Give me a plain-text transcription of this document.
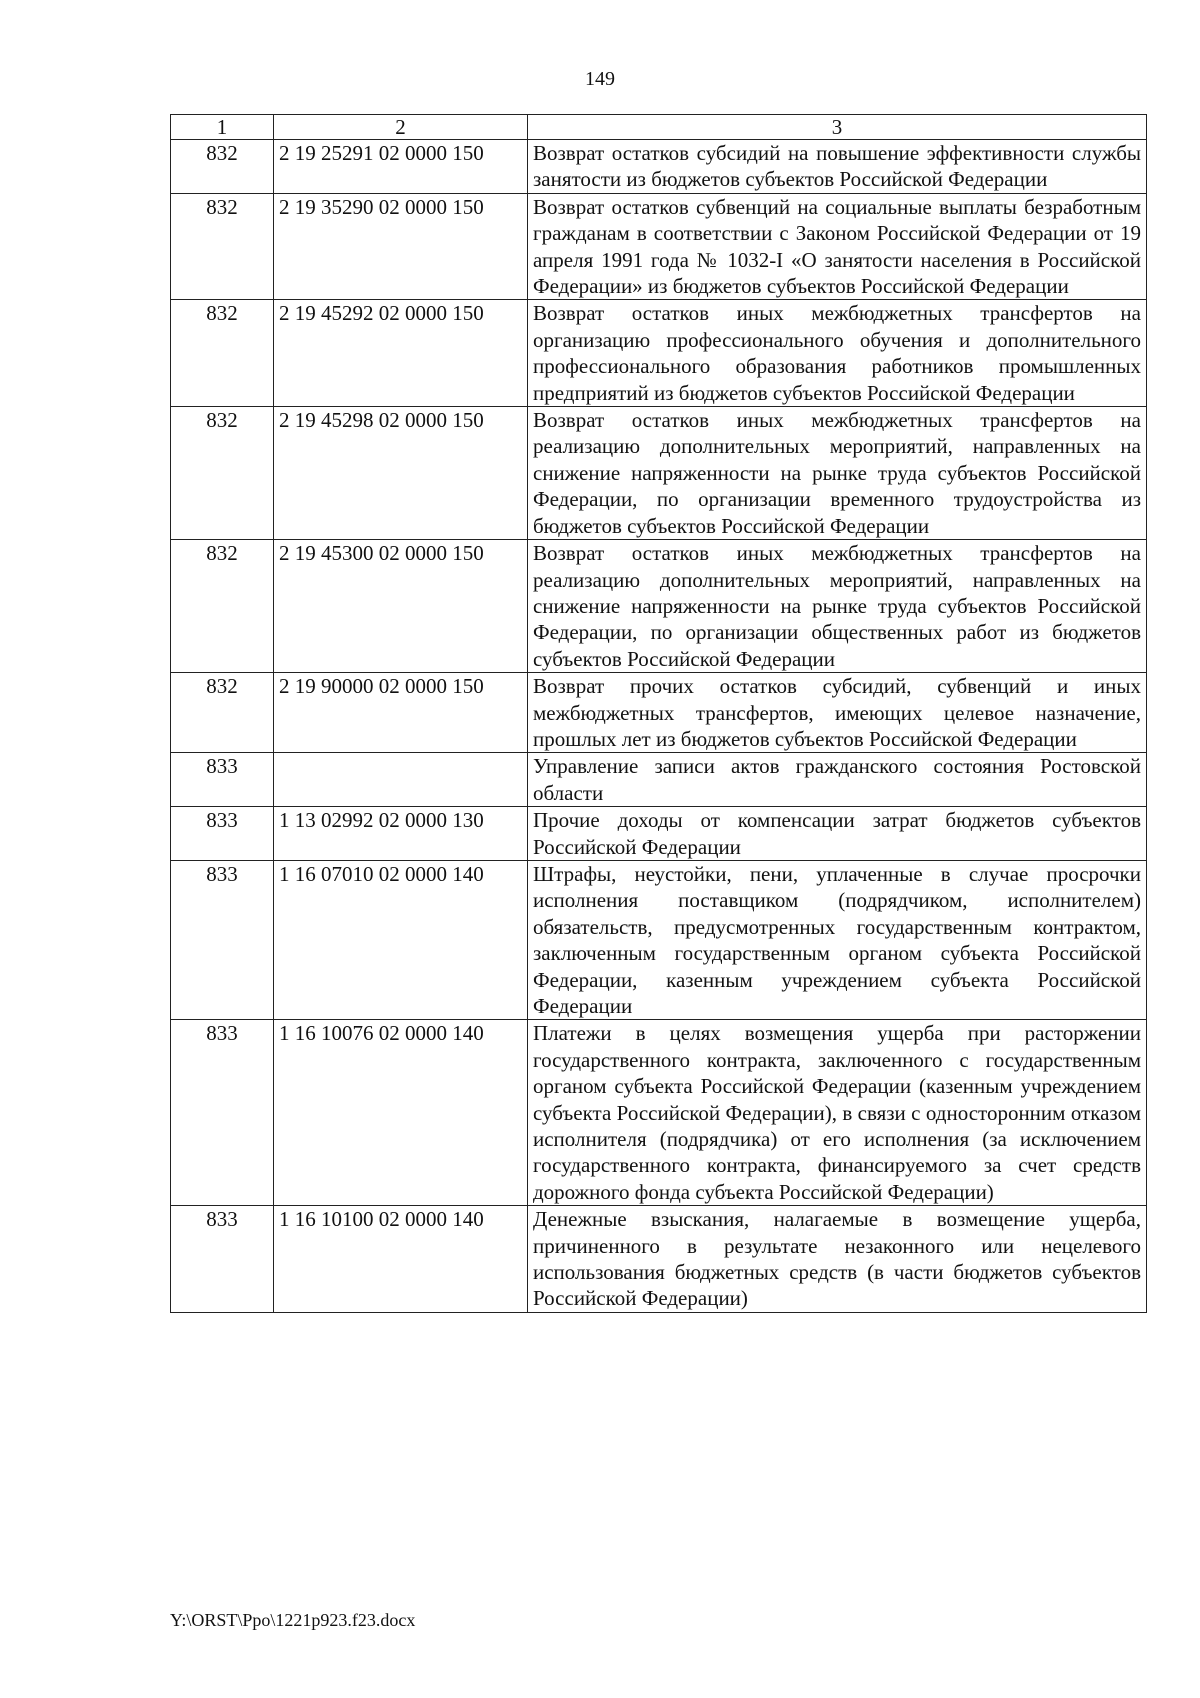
149
1	2	3
832	2 19 25291 02 0000 150	Возврат остатков субсидий на повышение эффективности службы занятости из бюджетов субъектов Российской Федерации
832	2 19 35290 02 0000 150	Возврат остатков субвенций на социальные выплаты безработным гражданам в соответствии с Законом Российской Федерации от 19 апреля 1991 года № 1032-I «О занятости населения в Российской Федерации» из бюджетов субъектов Российской Федерации
832	2 19 45292 02 0000 150	Возврат остатков иных межбюджетных трансфертов на организацию профессионального обучения и дополнительного профессионального образования работников промышленных предприятий из бюджетов субъектов Российской Федерации
832	2 19 45298 02 0000 150	Возврат остатков иных межбюджетных трансфертов на реализацию дополнительных мероприятий, направленных на снижение напряженности на рынке труда субъектов Российской Федерации, по организации временного трудоустройства из бюджетов субъектов Российской Федерации
832	2 19 45300 02 0000 150	Возврат остатков иных межбюджетных трансфертов на реализацию дополнительных мероприятий, направленных на снижение напряженности на рынке труда субъектов Российской Федерации, по организации общественных работ из бюджетов субъектов Российской Федерации
832	2 19 90000 02 0000 150	Возврат прочих остатков субсидий, субвенций и иных межбюджетных трансфертов, имеющих целевое назначение, прошлых лет из бюджетов субъектов Российской Федерации
833		Управление записи актов гражданского состояния Ростовской области
833	1 13 02992 02 0000 130	Прочие доходы от компенсации затрат бюджетов субъектов Российской Федерации
833	1 16 07010 02 0000 140	Штрафы, неустойки, пени, уплаченные в случае просрочки исполнения поставщиком (подрядчиком, исполнителем) обязательств, предусмотренных государственным контрактом, заключенным государственным органом субъекта Российской Федерации, казенным учреждением субъекта Российской Федерации
833	1 16 10076 02 0000 140	Платежи в целях возмещения ущерба при расторжении государственного контракта, заключенного с государственным органом субъекта Российской Федерации (казенным учреждением субъекта Российской Федерации), в связи с односторонним отказом исполнителя (подрядчика) от его исполнения (за исключением государственного контракта, финансируемого за счет средств дорожного фонда субъекта Российской Федерации)
833	1 16 10100 02 0000 140	Денежные взыскания, налагаемые в возмещение ущерба, причиненного в результате незаконного или нецелевого использования бюджетных средств (в части бюджетов субъектов Российской Федерации)
Y:\ORST\Ppo\1221p923.f23.docx
